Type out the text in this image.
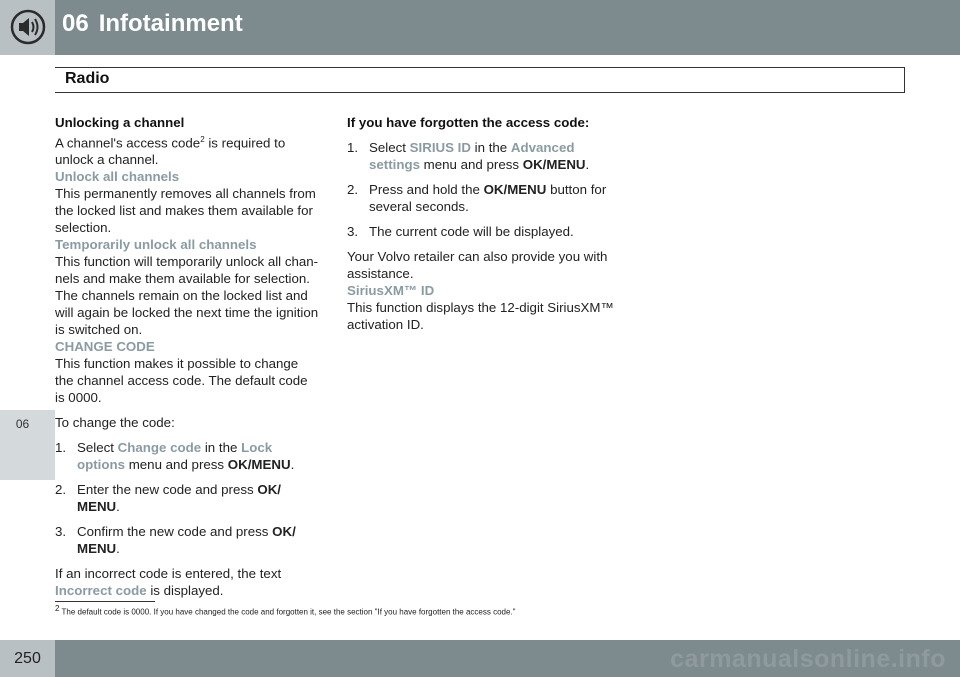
06 Infotainment
Radio
06
Unlocking a channel

A channel's access code$^2$ is required to unlock a channel.

Unlock all channels

This permanently removes all channels from the locked list and makes them available for selection.

Temporarily unlock all channels

This function will temporarily unlock all chan-nels and make them available for selection. The channels remain on the locked list and will again be locked the next time the ignition is switched on.

CHANGE CODE

This function makes it possible to change the channel access code. The default code is 0000.

To change the code:

1. Select Change code in the Lock options menu and press OK/MENU.
2. Enter the new code and press OK/ MENU.
3. Confirm the new code and press OK/ MENU.

If an incorrect code is entered, the text Incorrect code is displayed.

If you have forgotten the access code:
1. Select SIRIUS ID in the Advanced settings menu and press OK/MENU.
2. Press and hold the OK/MENU button for several seconds.
3. The current code will be displayed.

Your Volvo retailer can also provide you with assistance.

SiriusXM™ ID

This function displays the 12-digit SiriusXM™ activation ID.

$^2$ The default code is 0000. If you have changed the code and forgotten it, see the section "If you have forgotten the access code."
250	carmanualsonline.info
